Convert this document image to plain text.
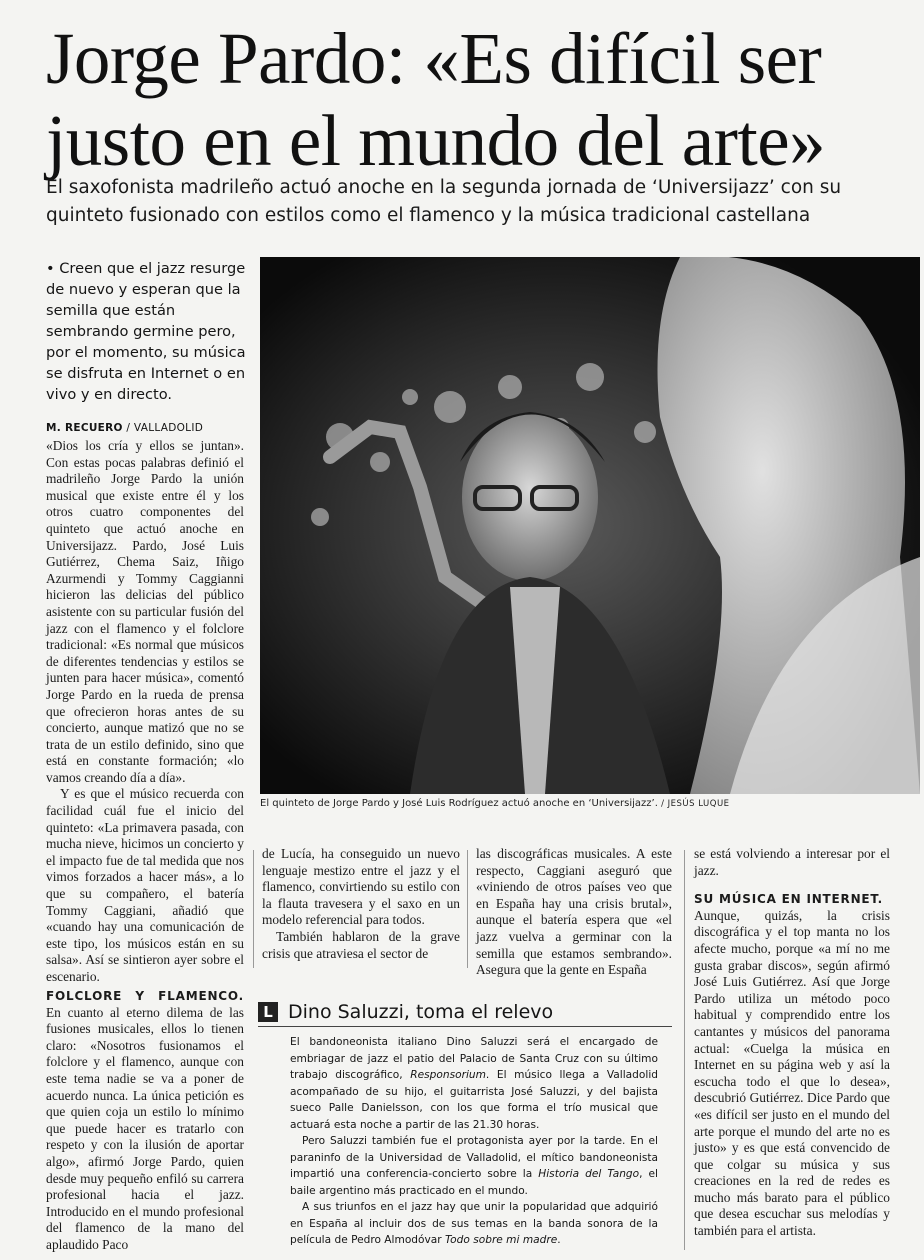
Jorge Pardo: «Es difícil ser
justo en el mundo del arte»

El saxofonista madrileño actuó anoche en la segunda jornada de ‘Universijazz’ con su
quinteto fusionado con estilos como el flamenco y la música tradicional castellana

• Creen que el jazz resurge de nuevo y esperan que la semilla que están sembrando germine pero, por el momento, su música se disfruta en Internet o en vivo y en directo.

M. RECUERO / VALLADOLID

«Dios los cría y ellos se juntan». Con estas pocas palabras definió el madrileño Jorge Pardo la unión musical que existe entre él y los otros cuatro componentes del quinteto que actuó anoche en Universijazz. Pardo, José Luis Gutiérrez, Chema Saiz, Iñigo Azurmendi y Tommy Caggianni hicieron las delicias del público asistente con su particular fusión del jazz con el flamenco y el folclore tradicional: «Es normal que músicos de diferentes tendencias y estilos se junten para hacer música», comentó Jorge Pardo en la rueda de prensa que ofrecieron horas antes de su concierto, aunque matizó que no se trata de un estilo definido, sino que está en constante formación; «lo vamos creando día a día».

Y es que el músico recuerda con facilidad cuál fue el inicio del quinteto: «La primavera pasada, con mucha nieve, hicimos un concierto y el impacto fue de tal medida que nos vimos forzados a hacer más», a lo que su compañero, el batería Tommy Caggiani, añadió que «cuando hay una comunicación de este tipo, los músicos están en su salsa». Así se sintieron ayer sobre el escenario.

FOLCLORE Y FLAMENCO. En cuanto al eterno dilema de las fusiones musicales, ellos lo tienen claro: «Nosotros fusionamos el folclore y el flamenco, aunque con este tema nadie se va a poner de acuerdo nunca. La única petición es que quien coja un estilo lo mínimo que puede hacer es tratarlo con respeto y con la ilusión de aportar algo», afirmó Jorge Pardo, quien desde muy pequeño enfiló su carrera profesional hacia el jazz. Introducido en el mundo profesional del flamenco de la mano del aplaudido Paco

El quinteto de Jorge Pardo y José Luis Rodríguez actuó anoche en ‘Universijazz’. / JESÚS LUQUE

de Lucía, ha conseguido un nuevo lenguaje mestizo entre el jazz y el flamenco, convirtiendo su estilo con la flauta travesera y el saxo en un modelo referencial para todos.

También hablaron de la grave crisis que atraviesa el sector de

las discográficas musicales. A este respecto, Caggiani aseguró que «viniendo de otros países veo que en España hay una crisis brutal», aunque el batería espera que «el jazz vuelva a germinar con la semilla que estamos sembrando». Asegura que la gente en España

se está volviendo a interesar por el jazz.

SU MÚSICA EN INTERNET.

Aunque, quizás, la crisis discográfica y el top manta no los afecte mucho, porque «a mí no me gusta grabar discos», según afirmó José Luis Gutiérrez. Así que Jorge Pardo utiliza un método poco habitual y comprendido entre los cantantes y músicos del panorama actual: «Cuelga la música en Internet en su página web y así la escucha todo el que lo desea», descubrió Gutiérrez. Dice Pardo que «es difícil ser justo en el mundo del arte porque el mundo del arte no es justo» y es que está convencido de que colgar su música y sus creaciones en la red de redes es mucho más barato para el público que desea escuchar sus melodías y también para el artista.

L Dino Saluzzi, toma el relevo

El bandoneonista italiano Dino Saluzzi será el encargado de embriagar de jazz el patio del Palacio de Santa Cruz con su último trabajo discográfico, Responsorium. El músico llega a Valladolid acompañado de su hijo, el guitarrista José Saluzzi, y del bajista sueco Palle Danielsson, con los que forma el trío musical que actuará esta noche a partir de las 21.30 horas.

Pero Saluzzi también fue el protagonista ayer por la tarde. En el paraninfo de la Universidad de Valladolid, el mítico bandoneonista impartió una conferencia-concierto sobre la Historia del Tango, el baile argentino más practicado en el mundo.

A sus triunfos en el jazz hay que unir la popularidad que adquirió en España al incluir dos de sus temas en la banda sonora de la película de Pedro Almodóvar Todo sobre mi madre.
